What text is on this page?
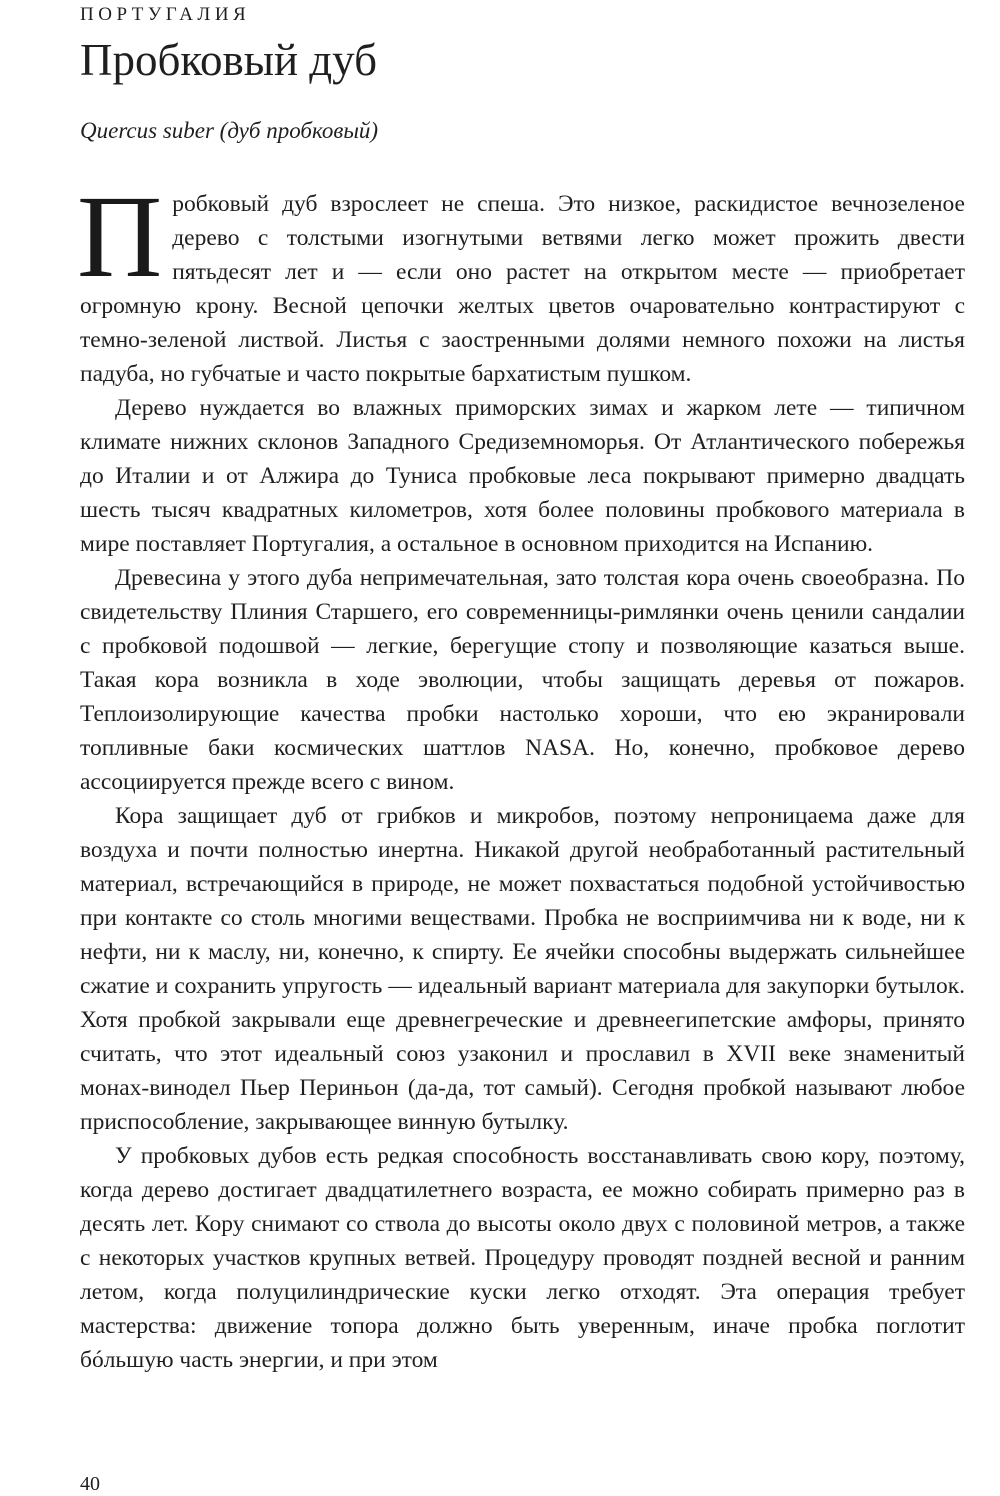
ПОРТУГАЛИЯ

Пробковый дуб

Quercus suber (дуб пробковый)

Пробковый дуб взрослеет не спеша. Это низкое, раскидистое вечнозеленое дерево с толстыми изогнутыми ветвями легко может прожить двести пятьдесят лет и — если оно растет на открытом месте — приобретает огромную крону. Весной цепочки желтых цветов очаровательно контрастируют с темно-зеленой листвой. Листья с заостренными долями немного похожи на листья падуба, но губчатые и часто покрытые бархатистым пушком.

Дерево нуждается во влажных приморских зимах и жарком лете — типичном климате нижних склонов Западного Средиземноморья. От Атлантического побережья до Италии и от Алжира до Туниса пробковые леса покрывают примерно двадцать шесть тысяч квадратных километров, хотя более половины пробкового материала в мире поставляет Португалия, а остальное в основном приходится на Испанию.

Древесина у этого дуба непримечательная, зато толстая кора очень своеобразна. По свидетельству Плиния Старшего, его современницы-римлянки очень ценили сандалии с пробковой подошвой — легкие, берегущие стопу и позволяющие казаться выше. Такая кора возникла в ходе эволюции, чтобы защищать деревья от пожаров. Теплоизолирующие качества пробки настолько хороши, что ею экранировали топливные баки космических шаттлов NASA. Но, конечно, пробковое дерево ассоциируется прежде всего с вином.

Кора защищает дуб от грибков и микробов, поэтому непроницаема даже для воздуха и почти полностью инертна. Никакой другой необработанный растительный материал, встречающийся в природе, не может похвастаться подобной устойчивостью при контакте со столь многими веществами. Пробка не восприимчива ни к воде, ни к нефти, ни к маслу, ни, конечно, к спирту. Ее ячейки способны выдержать сильнейшее сжатие и сохранить упругость — идеальный вариант материала для закупорки бутылок. Хотя пробкой закрывали еще древнегреческие и древнеегипетские амфоры, принято считать, что этот идеальный союз узаконил и прославил в XVII веке знаменитый монах-винодел Пьер Периньон (да-да, тот самый). Сегодня пробкой называют любое приспособление, закрывающее винную бутылку.

У пробковых дубов есть редкая способность восстанавливать свою кору, поэтому, когда дерево достигает двадцатилетнего возраста, ее можно собирать примерно раз в десять лет. Кору снимают со ствола до высоты около двух с половиной метров, а также с некоторых участков крупных ветвей. Процедуру проводят поздней весной и ранним летом, когда полуцилиндрические куски легко отходят. Эта операция требует мастерства: движение топора должно быть уверенным, иначе пробка поглотит бóльшую часть энергии, и при этом

40
